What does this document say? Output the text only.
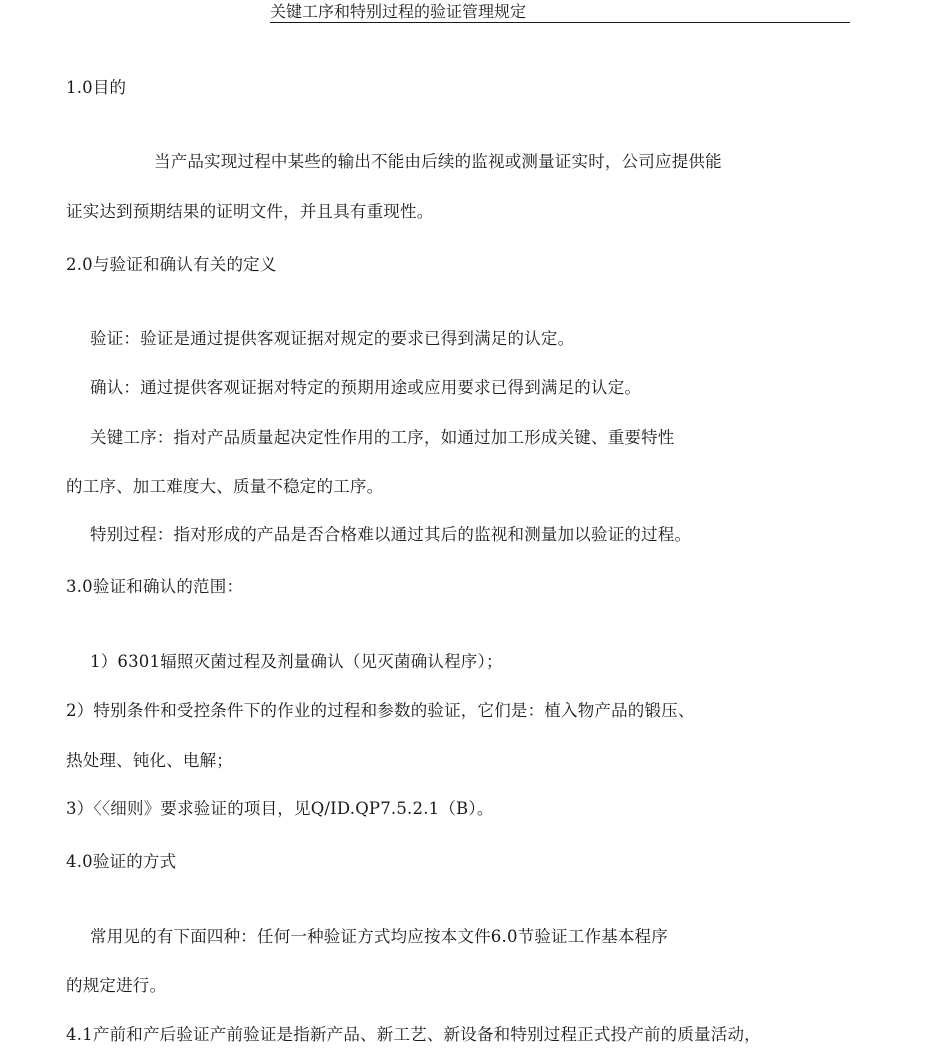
关键工序和特别过程的验证管理规定
1.0目的
当产品实现过程中某些的输出不能由后续的监视或测量证实时，公司应提供能
证实达到预期结果的证明文件，并且具有重现性。
2.0与验证和确认有关的定义
验证：验证是通过提供客观证据对规定的要求已得到满足的认定。
确认：通过提供客观证据对特定的预期用途或应用要求已得到满足的认定。
关键工序：指对产品质量起决定性作用的工序，如通过加工形成关键、重要特性
的工序、加工难度大、质量不稳定的工序。
特别过程：指对形成的产品是否合格难以通过其后的监视和测量加以验证的过程。
3.0验证和确认的范围：
1）6301辐照灭菌过程及剂量确认（见灭菌确认程序）；
2）特别条件和受控条件下的作业的过程和参数的验证，它们是：植入物产品的锻压、
热处理、钝化、电解；
3）〈〈细则》要求验证的项目，见Q/ID.QP7.5.2.1（B）。
4.0验证的方式
常用见的有下面四种：任何一种验证方式均应按本文件6.0节验证工作基本程序
的规定进行。
4.1产前和产后验证产前验证是指新产品、新工艺、新设备和特别过程正式投产前的质量活动，
